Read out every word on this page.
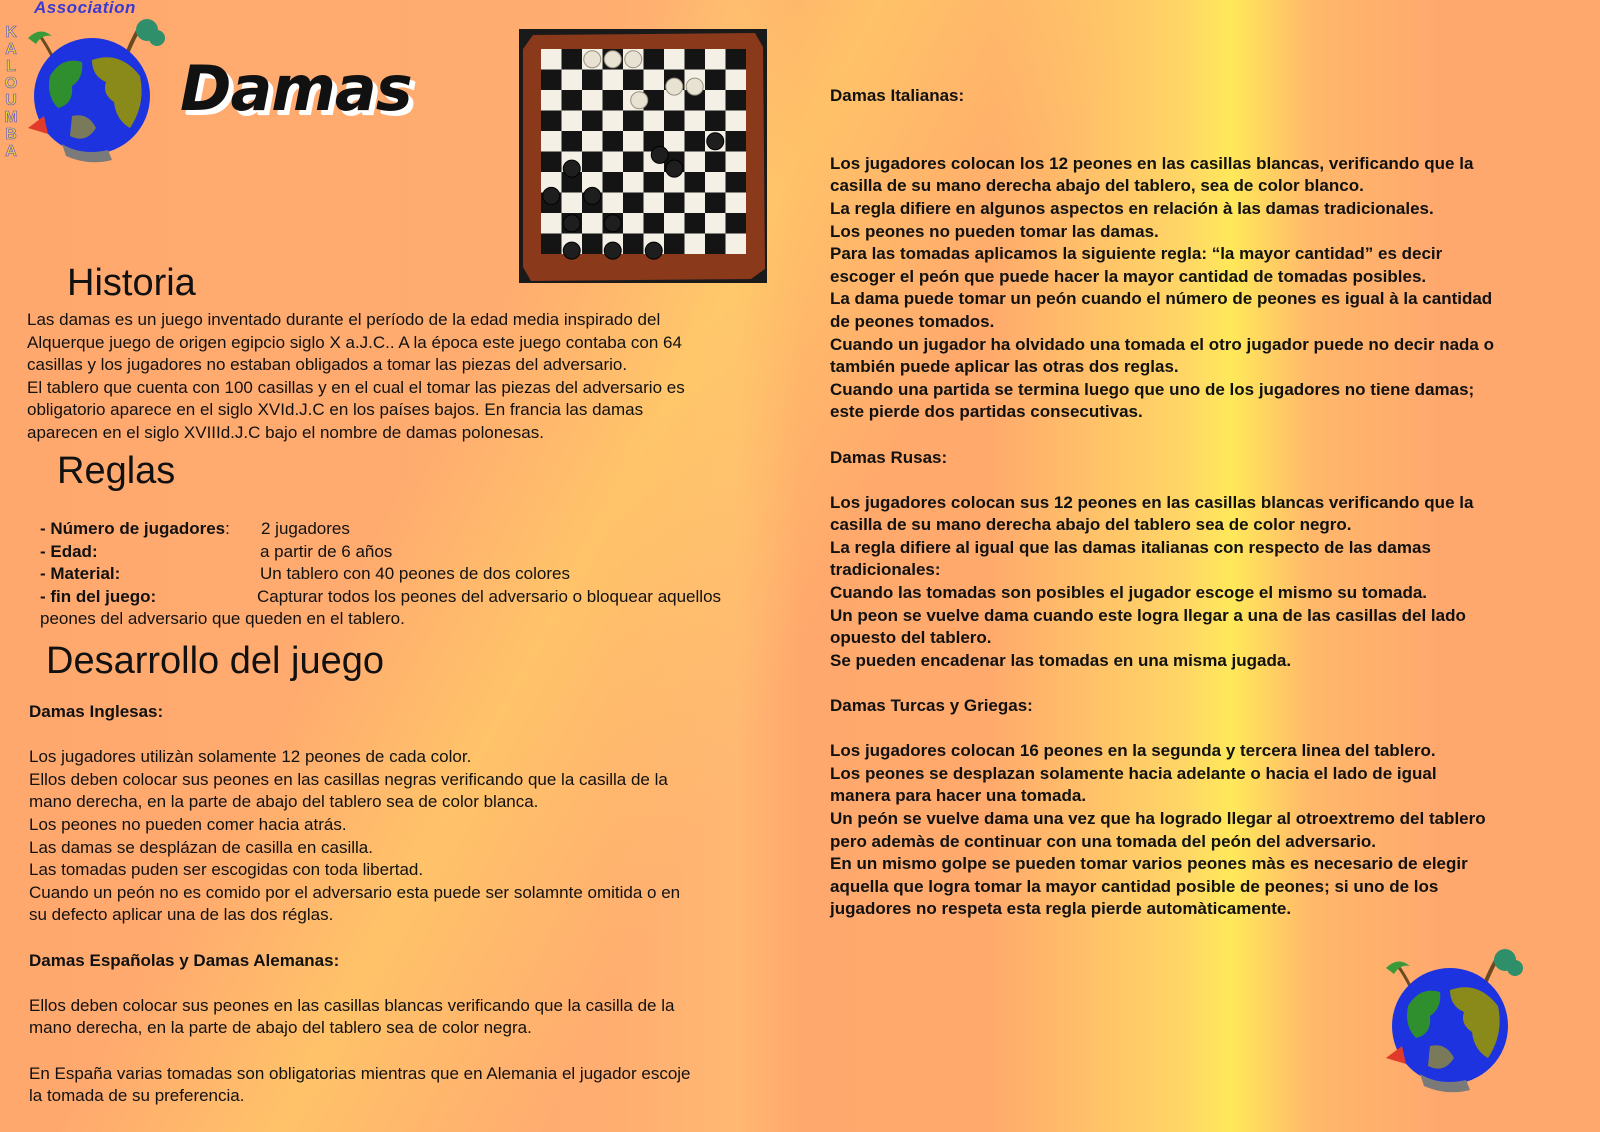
Association
K
A
L
O
U
M
B
A
Damas
Historia

Las damas es un juego inventado durante el período de la edad media inspirado del

Alquerque juego de origen egipcio siglo X a.J.C.. A la época este juego contaba con 64

casillas y los jugadores no estaban obligados a tomar las piezas del adversario.

El tablero que cuenta con 100 casillas y en el cual el tomar las piezas del adversario es

obligatorio aparece en el siglo XVId.J.C en los países bajos. En francia las damas

aparecen en el siglo XVIIId.J.C bajo el nombre de damas polonesas.

Reglas
- Número de jugadores: 2 jugadores
- Edad:	a partir de 6 años
- Material:	Un tablero con 40 peones de dos colores
- fin del juego:	Capturar todos los peones del adversario o bloquear aquellos
peones del adversario que queden en el tablero.
Desarrollo del juego

Damas Inglesas:

Los jugadores utilizàn solamente 12 peones de cada color.

Ellos deben colocar sus peones en las casillas negras verificando que la casilla de la

mano derecha, en la parte de abajo del tablero sea de color blanca.

Los peones no pueden comer hacia atrás.

Las damas se desplázan de casilla en casilla.

Las tomadas puden ser escogidas con toda libertad.

Cuando un peón no es comido por el adversario esta puede ser solamnte omitida o en

su defecto aplicar una de las dos réglas.

Damas Españolas y Damas Alemanas:

Ellos deben colocar sus peones en las casillas blancas verificando que la casilla de la

mano derecha, en la parte de abajo del tablero sea de color negra.

En España varias tomadas son obligatorias mientras que en Alemania el jugador escoje

la tomada de su preferencia.

Damas Italianas:

Los jugadores colocan los 12 peones en las casillas blancas, verificando que la

casilla de su mano derecha abajo del tablero, sea de color blanco.

La regla difiere en algunos aspectos en relación à las damas tradicionales.

Los peones no pueden tomar las damas.

Para las tomadas aplicamos la siguiente regla: “la mayor cantidad” es decir

escoger el peón que puede hacer la mayor cantidad de tomadas posibles.

La dama puede tomar un peón cuando el número de peones es igual à la cantidad

de peones tomados.

Cuando un jugador ha olvidado una tomada el otro jugador puede no decir nada o

también puede aplicar las otras dos reglas.

Cuando una partida se termina luego que uno de los jugadores no tiene damas;

este pierde dos partidas consecutivas.

Damas Rusas:

Los jugadores colocan sus 12 peones en las casillas blancas verificando que la

casilla de su mano derecha abajo del tablero sea de color negro.

La regla difiere al igual que las damas italianas con respecto de las damas

tradicionales:

Cuando las tomadas son posibles el jugador escoge el mismo su tomada.

Un peon se vuelve dama cuando este logra llegar a una de las casillas del lado

opuesto del tablero.

Se pueden encadenar las tomadas en una misma jugada.

Damas Turcas y Griegas:

Los jugadores colocan 16 peones en la segunda y tercera linea del tablero.

Los peones se desplazan solamente hacia adelante o hacia el lado de igual

manera para hacer una tomada.

Un peón se vuelve dama una vez que ha logrado llegar al otroextremo del tablero

pero ademàs de continuar con una tomada del peón del adversario.

En un mismo golpe se pueden tomar varios peones màs es necesario de elegir

aquella que logra tomar la mayor cantidad posible de peones; si uno de los

jugadores no respeta esta regla pierde automàticamente.
